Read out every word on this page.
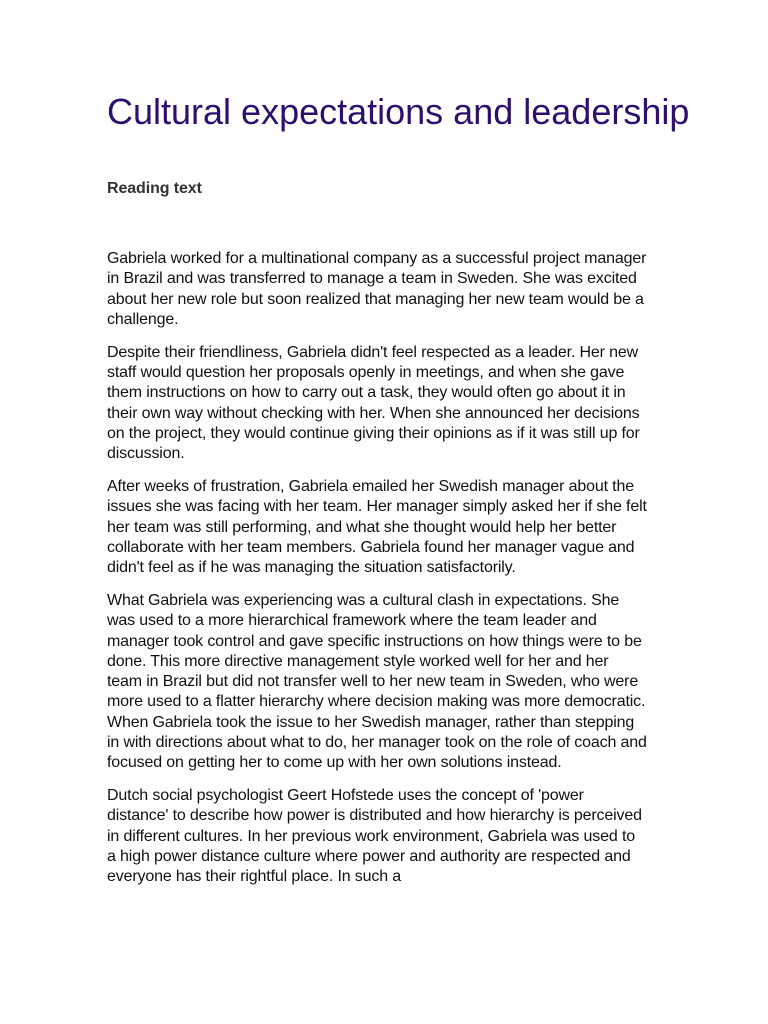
Cultural expectations and leadership
Reading text

Gabriela worked for a multinational company as a successful project manager in Brazil and was transferred to manage a team in Sweden. She was excited about her new role but soon realized that managing her new team would be a challenge.

Despite their friendliness, Gabriela didn't feel respected as a leader. Her new staff would question her proposals openly in meetings, and when she gave them instructions on how to carry out a task, they would often go about it in their own way without checking with her. When she announced her decisions on the project, they would continue giving their opinions as if it was still up for discussion.

After weeks of frustration, Gabriela emailed her Swedish manager about the issues she was facing with her team. Her manager simply asked her if she felt her team was still performing, and what she thought would help her better collaborate with her team members. Gabriela found her manager vague and didn't feel as if he was managing the situation satisfactorily.

What Gabriela was experiencing was a cultural clash in expectations. She was used to a more hierarchical framework where the team leader and manager took control and gave specific instructions on how things were to be done. This more directive management style worked well for her and her team in Brazil but did not transfer well to her new team in Sweden, who were more used to a flatter hierarchy where decision making was more democratic. When Gabriela took the issue to her Swedish manager, rather than stepping in with directions about what to do, her manager took on the role of coach and focused on getting her to come up with her own solutions instead.

Dutch social psychologist Geert Hofstede uses the concept of 'power distance' to describe how power is distributed and how hierarchy is perceived in different cultures. In her previous work environment, Gabriela was used to a high power distance culture where power and authority are respected and everyone has their rightful place. In such a
